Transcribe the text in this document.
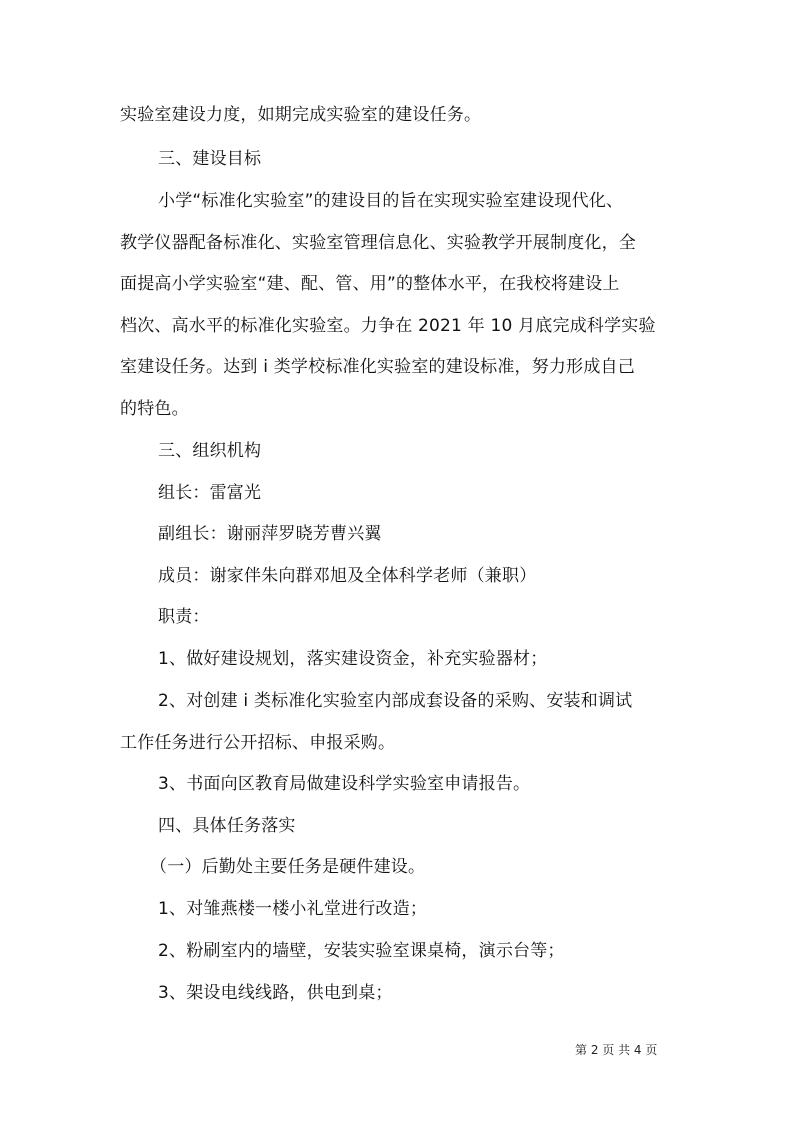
实验室建设力度，如期完成实验室的建设任务。
三、建设目标
小学“标准化实验室”的建设目的旨在实现实验室建设现代化、
教学仪器配备标准化、实验室管理信息化、实验教学开展制度化，全
面提高小学实验室“建、配、管、用”的整体水平，在我校将建设上
档次、高水平的标准化实验室。力争在 2021 年 10 月底完成科学实验
室建设任务。达到 i 类学校标准化实验室的建设标准，努力形成自己
的特色。
三、组织机构
组长：雷富光
副组长：谢丽萍罗晓芳曹兴翼
成员：谢家伴朱向群邓旭及全体科学老师（兼职）
职责：
1、做好建设规划，落实建设资金，补充实验器材；
2、对创建 i 类标准化实验室内部成套设备的采购、安装和调试
工作任务进行公开招标、申报采购。
3、书面向区教育局做建设科学实验室申请报告。
四、具体任务落实
（一）后勤处主要任务是硬件建设。
1、对雏燕楼一楼小礼堂进行改造；
2、粉刷室内的墙壁，安装实验室课桌椅，演示台等；
3、架设电线线路，供电到桌；
第 2 页 共 4 页
